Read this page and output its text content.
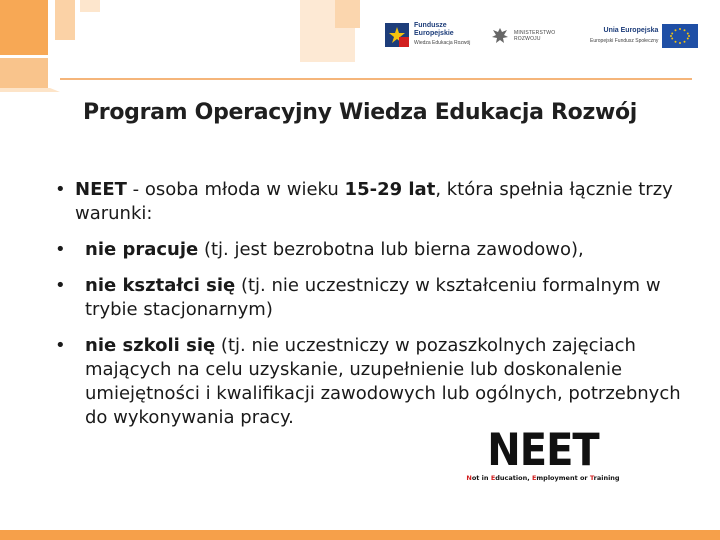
Fundusze
Europejskie
Wiedza Edukacja Rozwój
MINISTERSTWO
ROZWOJU
Unia Europejska
Europejski Fundusz Społeczny
Program Operacyjny Wiedza Edukacja Rozwój
• NEET - osoba młoda w wieku 15-29 lat, która spełnia łącznie trzy warunki:
•	nie pracuje (tj. jest bezrobotna lub bierna zawodowo),
•	nie kształci się (tj. nie uczestniczy w kształceniu formalnym w trybie stacjonarnym)
•	nie szkoli się (tj. nie uczestniczy w pozaszkolnych zajęciach mających na celu uzyskanie, uzupełnienie lub doskonalenie umiejętności i kwalifikacji zawodowych lub ogólnych, potrzebnych do wykonywania pracy.
NEET
Not in Education, Employment or Training
